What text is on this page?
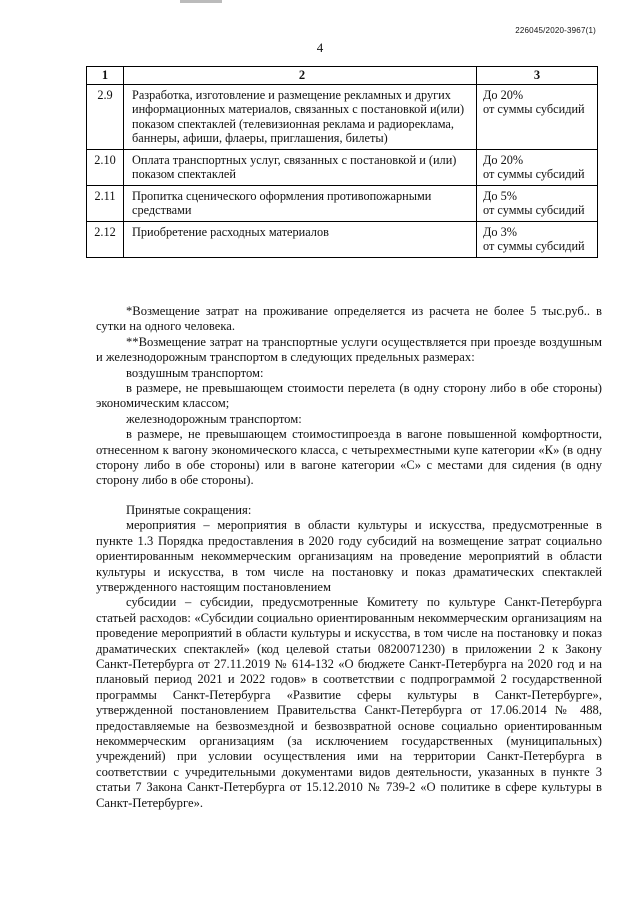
226045/2020-3967(1)
4
1	2	3
2.9	Разработка, изготовление и размещение рекламных и других информационных материалов, связанных с постановкой и(или) показом спектаклей (телевизионная реклама и радиореклама, баннеры, афиши, флаеры, приглашения, билеты)	До 20%
от суммы субсидий

2.10	Оплата транспортных услуг, связанных с постановкой и (или) показом спектаклей	До 20%
от суммы субсидий

2.11	Пропитка сценического оформления противопожарными средствами	До 5%
от суммы субсидий

2.12	Приобретение расходных материалов	До 3%
от суммы субсидий

*Возмещение затрат на проживание определяется из расчета не более 5 тыс.руб.. в сутки на одного человека.

**Возмещение затрат на транспортные услуги осуществляется при проезде воздушным и железнодорожным транспортом в следующих предельных размерах:

воздушным транспортом:

в размере, не превышающем стоимости перелета (в одну сторону либо в обе стороны) экономическим классом;

железнодорожным транспортом:

в размере, не превышающем стоимостипроезда в вагоне повышенной комфортности, отнесенном к вагону экономического класса, с четырехместными купе категории «К» (в одну сторону либо в обе стороны) или в вагоне категории «С» с местами для сидения (в одну сторону либо в обе стороны).

Принятые сокращения:

мероприятия – мероприятия в области культуры и искусства, предусмотренные в пункте 1.3 Порядка предоставления в 2020 году субсидий на возмещение затрат социально ориентированным некоммерческим организациям на проведение мероприятий в области культуры и искусства, в том числе на постановку и показ драматических спектаклей утвержденного настоящим постановлением

субсидии – субсидии, предусмотренные Комитету по культуре Санкт-Петербурга статьей расходов: «Субсидии социально ориентированным некоммерческим организациям на проведение мероприятий в области культуры и искусства, в том числе на постановку и показ драматических спектаклей» (код целевой статьи 0820071230) в приложении 2 к Закону Санкт-Петербурга от 27.11.2019 № 614-132 «О бюджете Санкт-Петербурга на 2020 год и на плановый период 2021 и 2022 годов» в соответствии с подпрограммой 2 государственной программы Санкт-Петербурга «Развитие сферы культуры в Санкт-Петербурге», утвержденной постановлением Правительства Санкт-Петербурга от 17.06.2014 № 488, предоставляемые на безвозмездной и безвозвратной основе социально ориентированным некоммерческим организациям (за исключением государственных (муниципальных) учреждений) при условии осуществления ими на территории Санкт-Петербурга в соответствии с учредительными документами видов деятельности, указанных в пункте 3 статьи 7 Закона Санкт-Петербурга от 15.12.2010 № 739-2 «О политике в сфере культуры в Санкт-Петербурге».
